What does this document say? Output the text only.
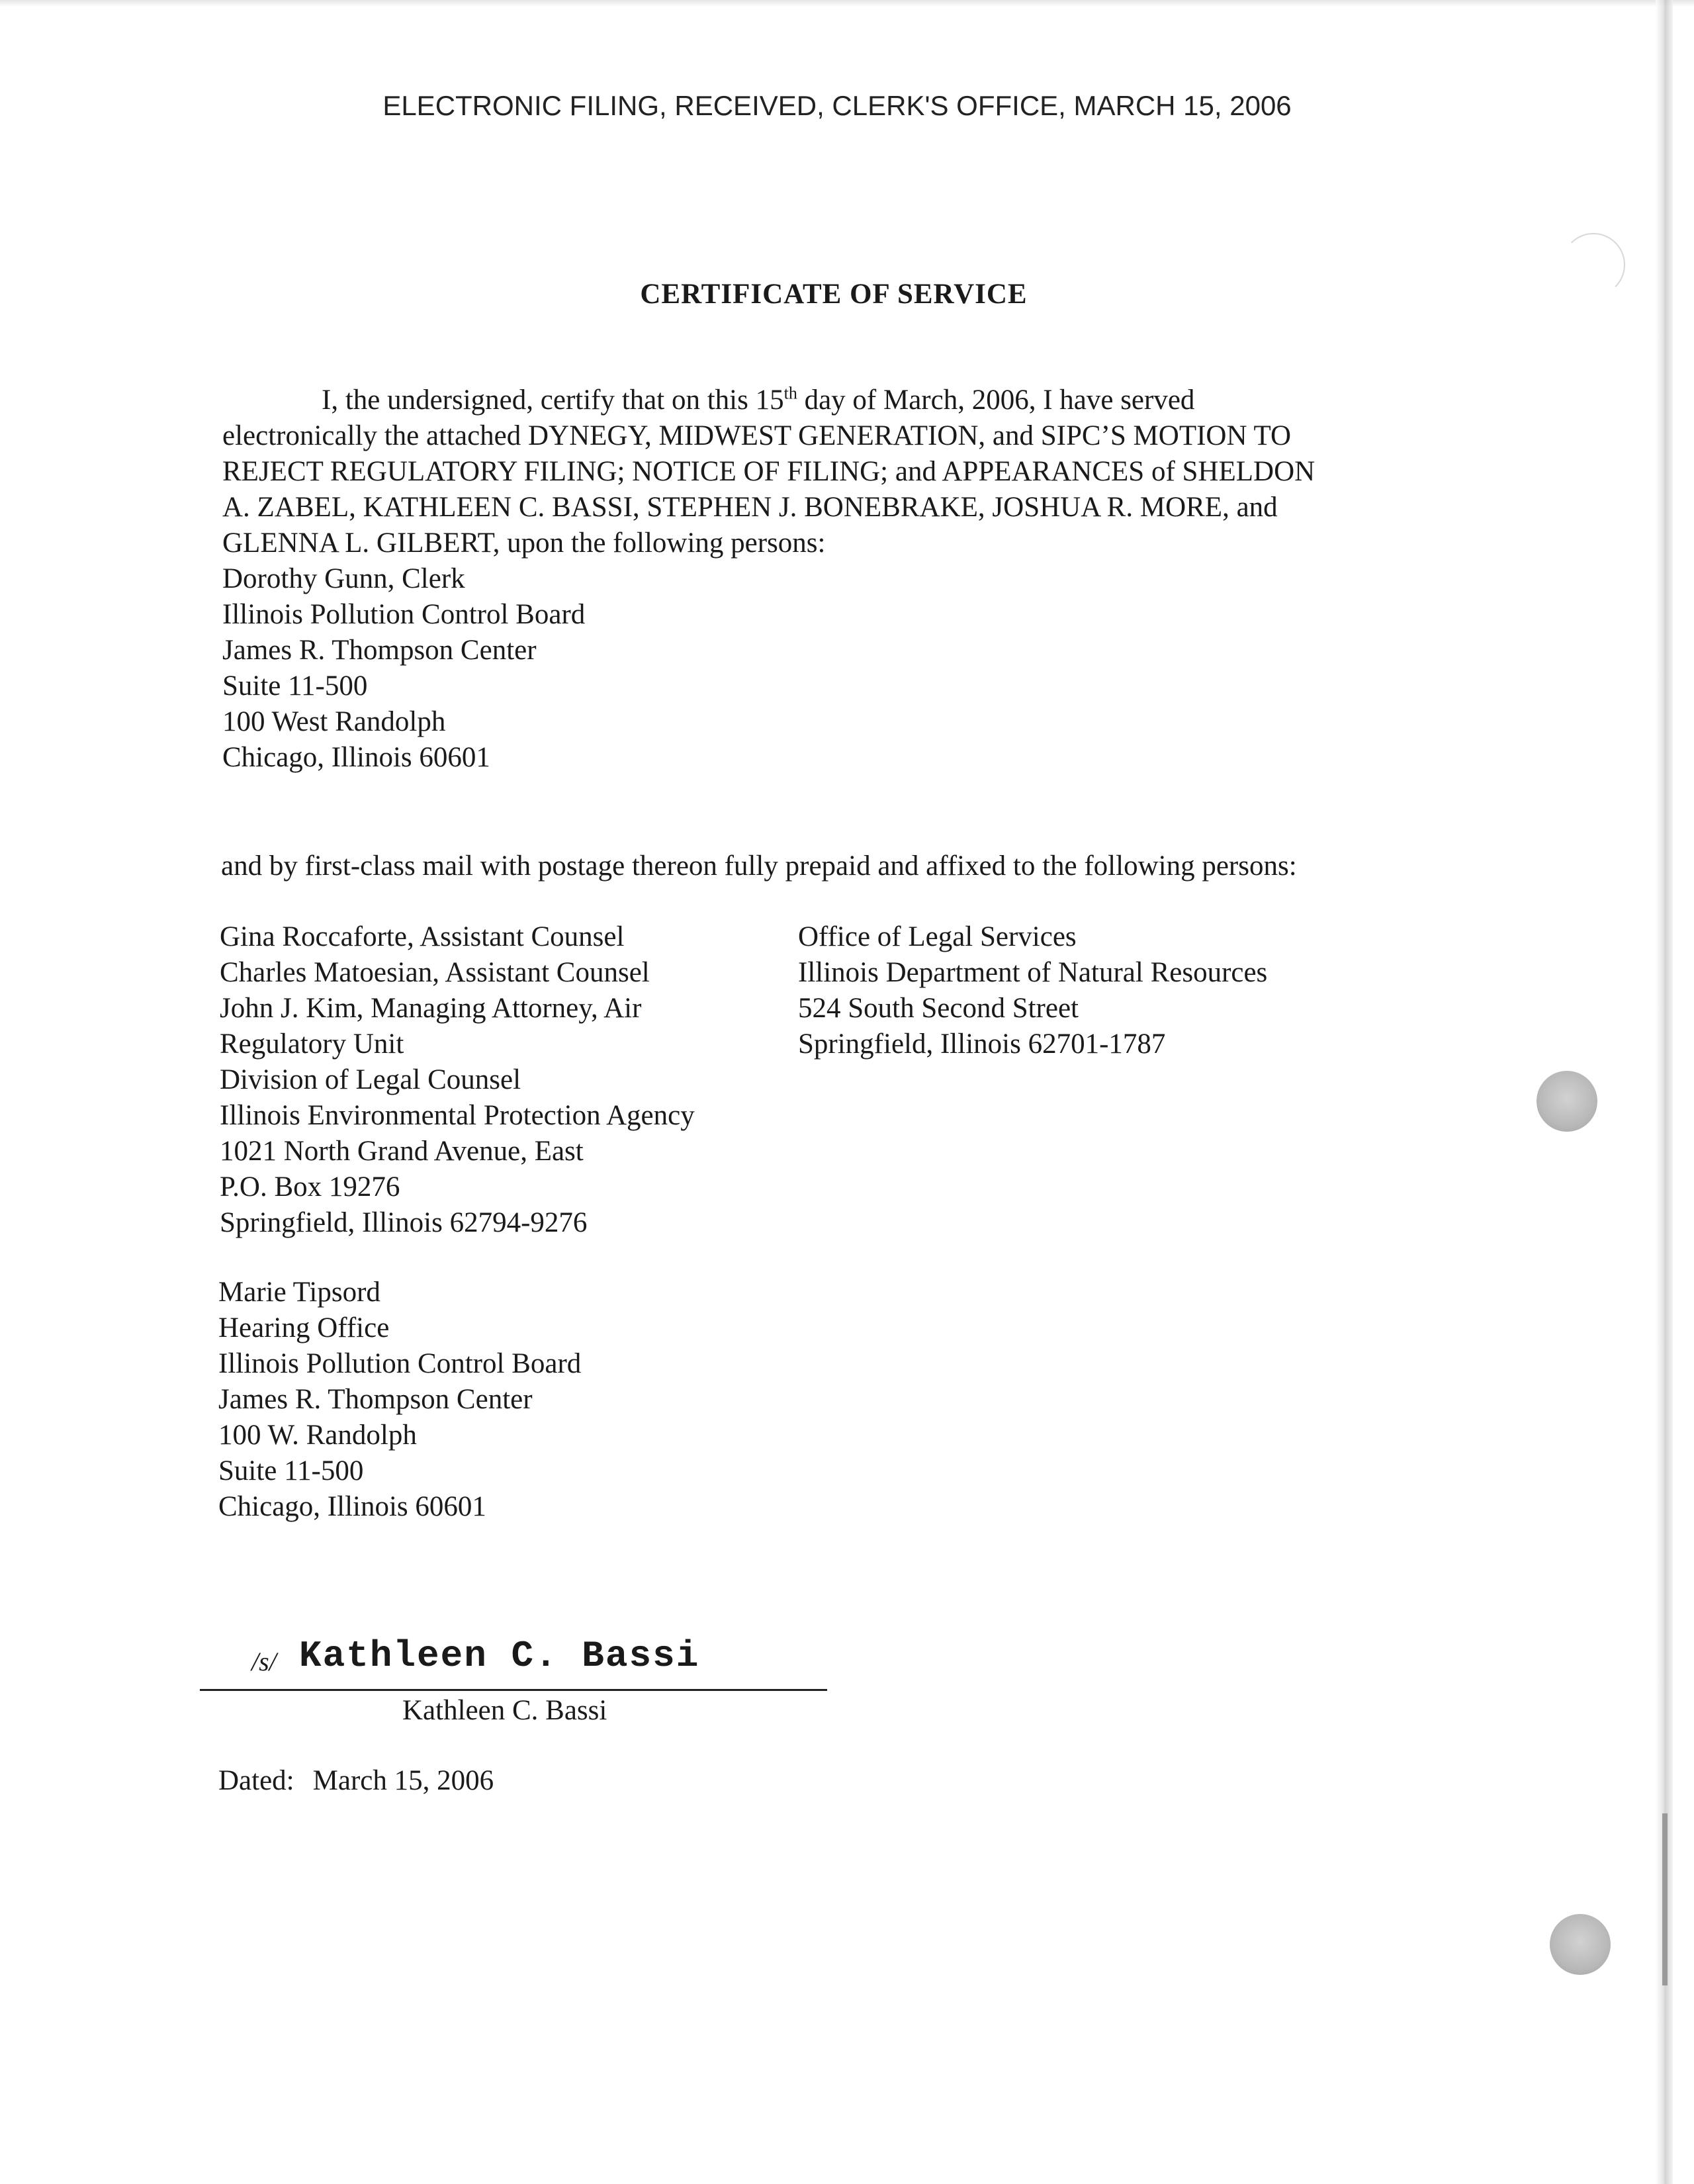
ELECTRONIC FILING, RECEIVED, CLERK'S OFFICE, MARCH 15, 2006
CERTIFICATE OF SERVICE

I, the undersigned, certify that on this 15th day of March, 2006, I have served

electronically the attached DYNEGY, MIDWEST GENERATION, and SIPC’S MOTION TO

REJECT REGULATORY FILING; NOTICE OF FILING; and APPEARANCES of SHELDON

A. ZABEL, KATHLEEN C. BASSI, STEPHEN J. BONEBRAKE, JOSHUA R. MORE, and

GLENNA L. GILBERT, upon the following persons:

Dorothy Gunn, Clerk

Illinois Pollution Control Board

James R. Thompson Center

Suite 11-500

100 West Randolph

Chicago, Illinois 60601

and by first-class mail with postage thereon fully prepaid and affixed to the following persons:

Gina Roccaforte, Assistant Counsel

Charles Matoesian, Assistant Counsel

John J. Kim, Managing Attorney, Air

Regulatory Unit

Division of Legal Counsel

Illinois Environmental Protection Agency

1021 North Grand Avenue, East

P.O. Box 19276

Springfield, Illinois 62794-9276

Office of Legal Services

Illinois Department of Natural Resources

524 South Second Street

Springfield, Illinois 62701-1787

Marie Tipsord

Hearing Office

Illinois Pollution Control Board

James R. Thompson Center

100 W. Randolph

Suite 11-500

Chicago, Illinois 60601

/s/ Kathleen C. Bassi
Kathleen C. Bassi
Dated: March 15, 2006
